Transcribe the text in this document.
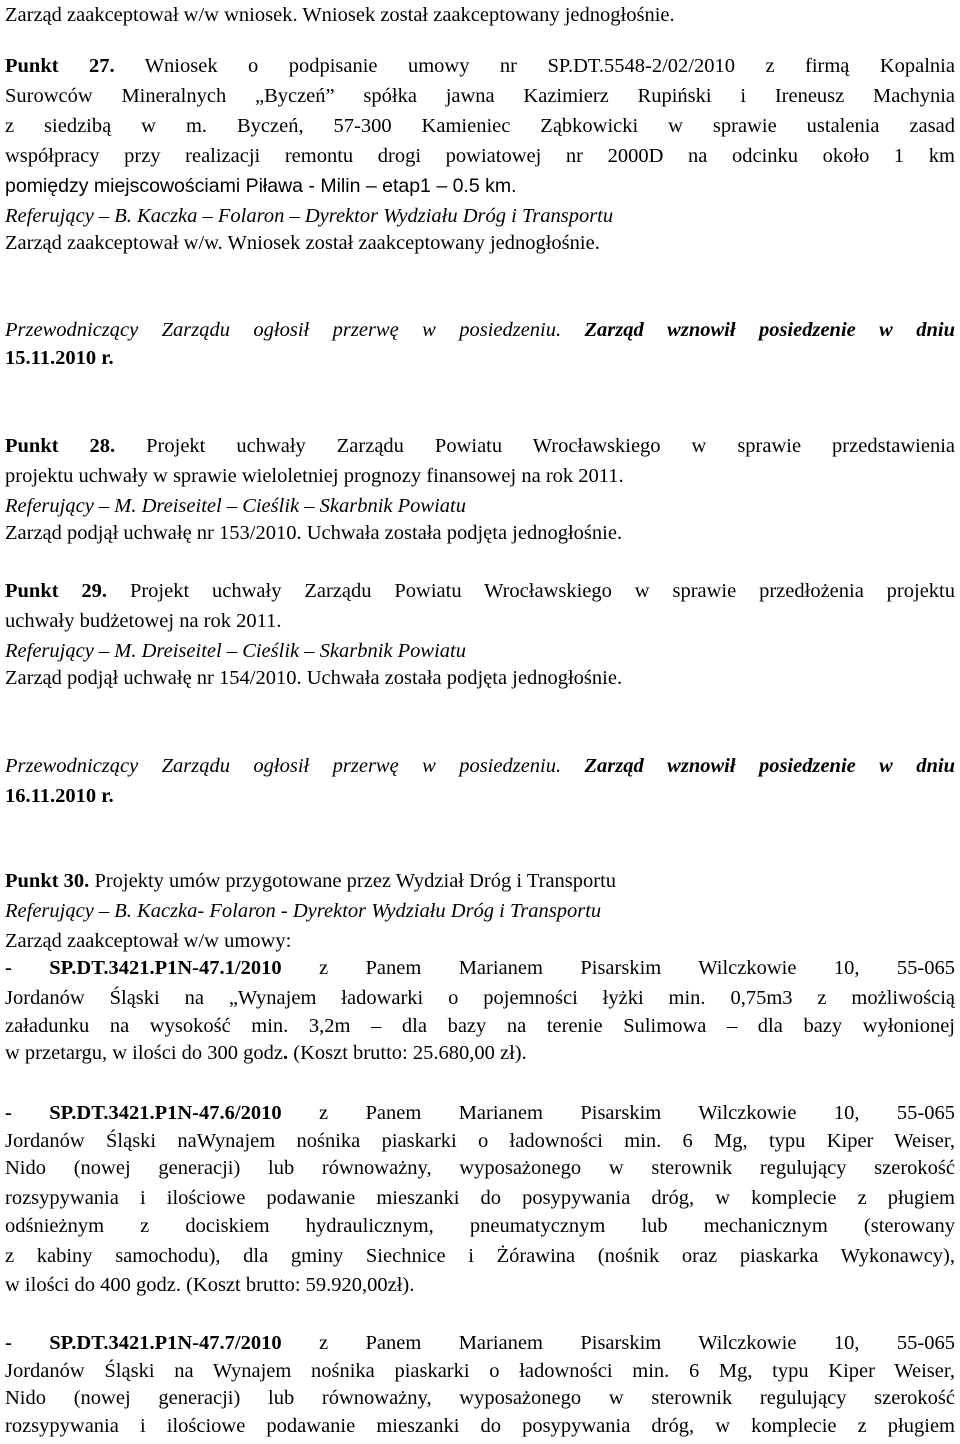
Zarząd zaakceptował w/w wniosek. Wniosek został zaakceptowany jednogłośnie.
Punkt 27. Wniosek o podpisanie umowy nr SP.DT.5548-2/02/2010 z firmą Kopalnia
Surowców Mineralnych „Byczeń” spółka jawna Kazimierz Rupiński i Ireneusz Machynia
z siedzibą w m. Byczeń, 57-300 Kamieniec Ząbkowicki w sprawie ustalenia zasad
współpracy przy realizacji remontu drogi powiatowej nr 2000D na odcinku około 1 km
pomiędzy miejscowościami Piława - Milin – etap1 – 0.5 km.
Referujący – B. Kaczka – Folaron – Dyrektor Wydziału Dróg i Transportu
Zarząd zaakceptował w/w. Wniosek został zaakceptowany jednogłośnie.
Przewodniczący Zarządu ogłosił przerwę w posiedzeniu. Zarząd wznowił posiedzenie w dniu
15.11.2010 r.
Punkt 28. Projekt uchwały Zarządu Powiatu Wrocławskiego w sprawie przedstawienia
projektu uchwały w sprawie wieloletniej prognozy finansowej na rok 2011.
Referujący – M. Dreiseitel – Cieślik – Skarbnik Powiatu
Zarząd podjął uchwałę nr 153/2010. Uchwała została podjęta jednogłośnie.
Punkt 29. Projekt uchwały Zarządu Powiatu Wrocławskiego w sprawie przedłożenia projektu
uchwały budżetowej na rok 2011.
Referujący – M. Dreiseitel – Cieślik – Skarbnik Powiatu
Zarząd podjął uchwałę nr 154/2010. Uchwała została podjęta jednogłośnie.
Przewodniczący Zarządu ogłosił przerwę w posiedzeniu. Zarząd wznowił posiedzenie w dniu
16.11.2010 r.
Punkt 30. Projekty umów przygotowane przez Wydział Dróg i Transportu
Referujący – B. Kaczka- Folaron - Dyrektor Wydziału Dróg i Transportu
Zarząd zaakceptował w/w umowy:
- SP.DT.3421.P1N-47.1/2010 z Panem Marianem Pisarskim Wilczkowie 10, 55-065
Jordanów Śląski na „Wynajem ładowarki o pojemności łyżki min. 0,75m3 z możliwością
załadunku na wysokość min. 3,2m – dla bazy na terenie Sulimowa – dla bazy wyłonionej
w przetargu, w ilości do 300 godz. (Koszt brutto: 25.680,00 zł).
- SP.DT.3421.P1N-47.6/2010 z Panem Marianem Pisarskim Wilczkowie 10, 55-065
Jordanów Śląski naWynajem nośnika piaskarki o ładowności min. 6 Mg, typu Kiper Weiser,
Nido (nowej generacji) lub równoważny, wyposażonego w sterownik regulujący szerokość
rozsypywania i ilościowe podawanie mieszanki do posypywania dróg, w komplecie z pługiem
odśnieżnym z dociskiem hydraulicznym, pneumatycznym lub mechanicznym (sterowany
z kabiny samochodu), dla gminy Siechnice i Żórawina (nośnik oraz piaskarka Wykonawcy),
w ilości do 400 godz. (Koszt brutto: 59.920,00zł).
- SP.DT.3421.P1N-47.7/2010 z Panem Marianem Pisarskim Wilczkowie 10, 55-065
Jordanów Śląski na Wynajem nośnika piaskarki o ładowności min. 6 Mg, typu Kiper Weiser,
Nido (nowej generacji) lub równoważny, wyposażonego w sterownik regulujący szerokość
rozsypywania i ilościowe podawanie mieszanki do posypywania dróg, w komplecie z pługiem
